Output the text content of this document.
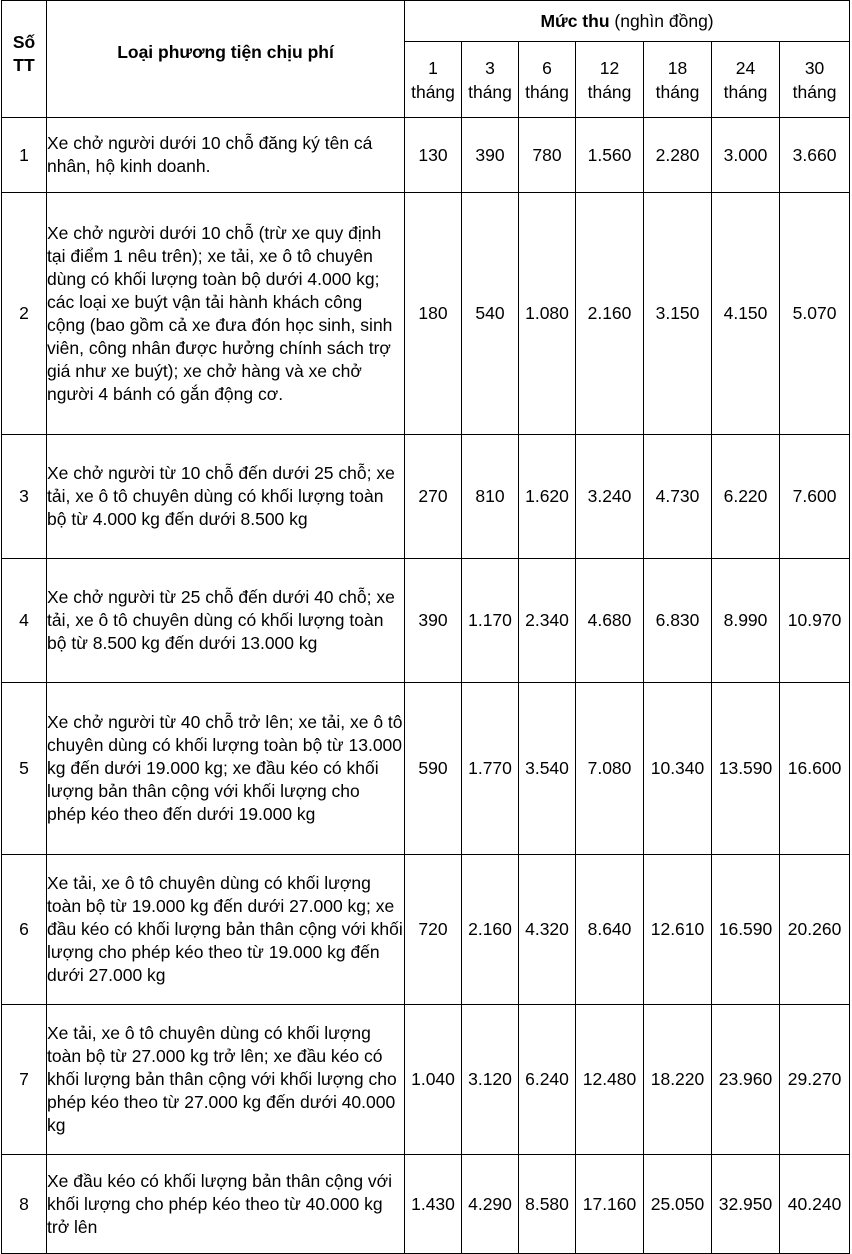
Số TT	Loại phương tiện chịu phí	Mức thu (nghìn đồng)						
		1 tháng	3 tháng	6 tháng	12 tháng	18 tháng	24 tháng	30 tháng
1	Xe chở người dưới 10 chỗ đăng ký tên cá nhân, hộ kinh doanh.	130	390	780	1.560	2.280	3.000	3.660
2	Xe chở người dưới 10 chỗ (trừ xe quy định tại điểm 1 nêu trên); xe tải, xe ô tô chuyên dùng có khối lượng toàn bộ dưới 4.000 kg; các loại xe buýt vận tải hành khách công cộng (bao gồm cả xe đưa đón học sinh, sinh viên, công nhân được hưởng chính sách trợ giá như xe buýt); xe chở hàng và xe chở người 4 bánh có gắn động cơ.	180	540	1.080	2.160	3.150	4.150	5.070
3	Xe chở người từ 10 chỗ đến dưới 25 chỗ; xe tải, xe ô tô chuyên dùng có khối lượng toàn bộ từ 4.000 kg đến dưới 8.500 kg	270	810	1.620	3.240	4.730	6.220	7.600
4	Xe chở người từ 25 chỗ đến dưới 40 chỗ; xe tải, xe ô tô chuyên dùng có khối lượng toàn bộ từ 8.500 kg đến dưới 13.000 kg	390	1.170	2.340	4.680	6.830	8.990	10.970
5	Xe chở người từ 40 chỗ trở lên; xe tải, xe ô tô chuyên dùng có khối lượng toàn bộ từ 13.000 kg đến dưới 19.000 kg; xe đầu kéo có khối lượng bản thân cộng với khối lượng cho phép kéo theo đến dưới 19.000 kg	590	1.770	3.540	7.080	10.340	13.590	16.600
6	Xe tải, xe ô tô chuyên dùng có khối lượng toàn bộ từ 19.000 kg đến dưới 27.000 kg; xe đầu kéo có khối lượng bản thân cộng với khối lượng cho phép kéo theo từ 19.000 kg đến dưới 27.000 kg	720	2.160	4.320	8.640	12.610	16.590	20.260
7	Xe tải, xe ô tô chuyên dùng có khối lượng toàn bộ từ 27.000 kg trở lên; xe đầu kéo có khối lượng bản thân cộng với khối lượng cho phép kéo theo từ 27.000 kg đến dưới 40.000 kg	1.040	3.120	6.240	12.480	18.220	23.960	29.270
8	Xe đầu kéo có khối lượng bản thân cộng với khối lượng cho phép kéo theo từ 40.000 kg trở lên	1.430	4.290	8.580	17.160	25.050	32.950	40.240
